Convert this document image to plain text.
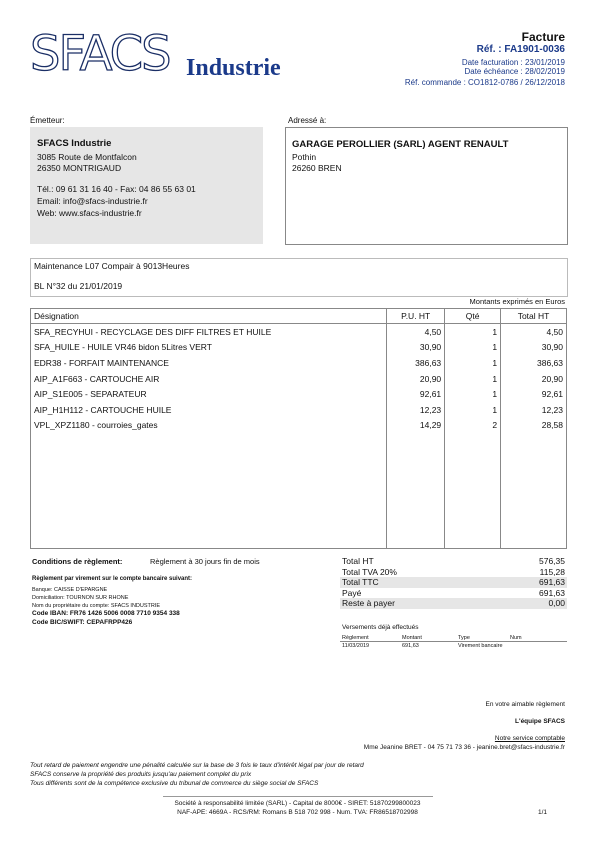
SFACS Industrie
Facture
Réf. : FA1901-0036
Date facturation : 23/01/2019
Date échéance : 28/02/2019
Réf. commande : CO1812-0786 / 26/12/2018
Émetteur:
SFACS Industrie
3085 Route de Montfalcon
26350 MONTRIGAUD
Tél.: 09 61 31 16 40 - Fax: 04 86 55 63 01
Email: info@sfacs-industrie.fr
Web: www.sfacs-industrie.fr
Adressé à:
GARAGE PEROLLIER (SARL) AGENT RENAULT
Pothin
26260 BREN
Maintenance L07 Compair à 9013Heures
BL N°32 du 21/01/2019
Montants exprimés en Euros
Désignation	P.U. HT	Qté	Total HT
SFA_RECYHUI - RECYCLAGE DES DIFF FILTRES ET HUILE	4,50	1	4,50
SFA_HUILE - HUILE VR46 bidon 5Litres VERT	30,90	1	30,90
EDR38 - FORFAIT MAINTENANCE	386,63	1	386,63
AIP_A1F663 - CARTOUCHE AIR	20,90	1	20,90
AIP_S1E005 - SEPARATEUR	92,61	1	92,61
AIP_H1H112 - CARTOUCHE HUILE	12,23	1	12,23
VPL_XPZ1180 - courroies_gates	14,29	2	28,58

Conditions de règlement:	Règlement à 30 jours fin de mois
Règlement par virement sur le compte bancaire suivant:
Banque: CAISSE D'EPARGNE
Domiciliation: TOURNON SUR RHONE
Nom du propriétaire du compte: SFACS INDUSTRIE
Code IBAN: FR76 1426 5006 0008 7710 9354 338
Code BIC/SWIFT: CEPAFRPP426
Total HT	576,35
Total TVA 20%	115,28
Total TTC	691,63
Payé	691,63
Reste à payer	0,00
Versements déjà effectués
Règlement	Montant	Type	Num
11/03/2019	691,63	Virement bancaire
En votre aimable règlement
L'équipe SFACS
Notre service comptable
Mme Jeanine BRET - 04 75 71 73 36 - jeanine.bret@sfacs-industrie.fr
Tout retard de paiement engendre une pénalité calculée sur la base de 3 fois le taux d'intérêt légal par jour de retard
SFACS conserve la propriété des produits jusqu'au paiement complet du prix
Tous différents sont de la compétence exclusive du tribunal de commerce du siège social de SFACS
Société à responsabilité limitée (SARL) - Capital de 8000€ - SIRET: 51870299800023
NAF-APE: 4669A - RCS/RM: Romans B 518 702 998 - Num. TVA: FR86518702998	1/1
